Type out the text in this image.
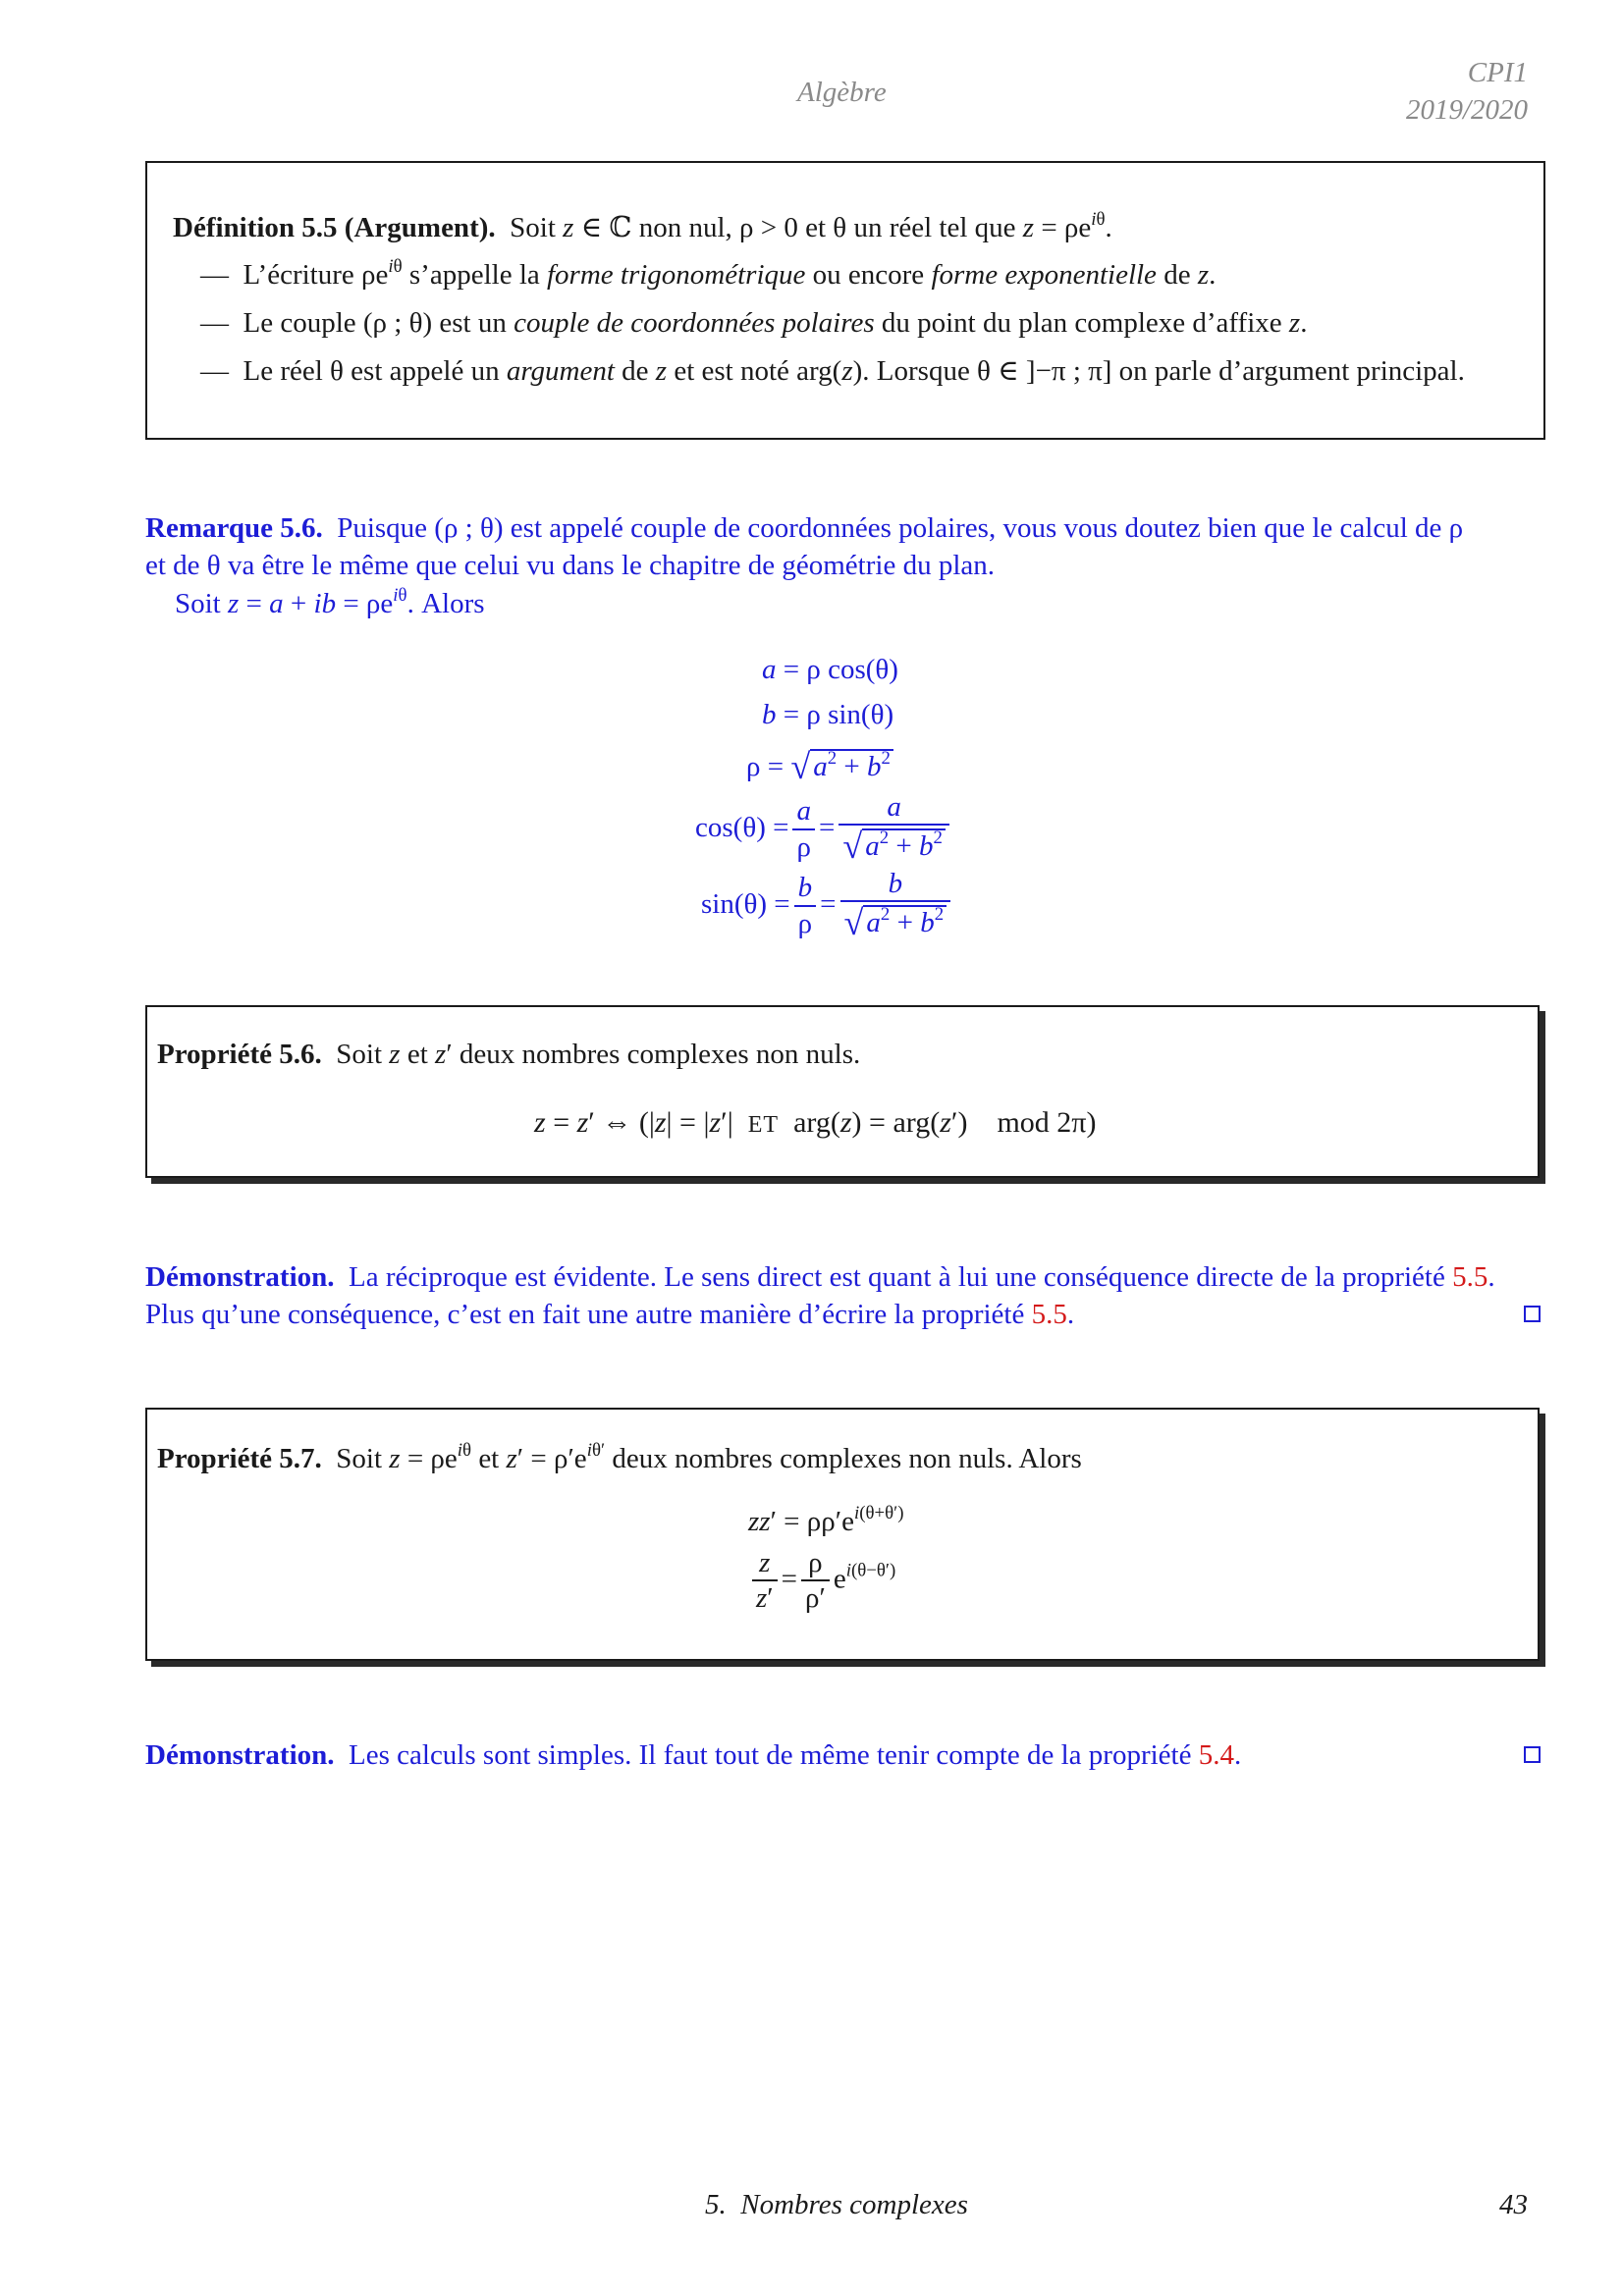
Algèbre
CPI1
2019/2020
Définition 5.5 (Argument).  Soit z ∈ ℂ non nul, ρ > 0 et θ un réel tel que $z = \rho e^{i\theta}$.
—  L’écriture $\rho e^{i\theta}$ s’appelle la forme trigonométrique ou encore forme exponentielle de z.
—  Le couple (ρ ; θ) est un couple de coordonnées polaires du point du plan complexe d’affixe z.
—  Le réel θ est appelé un argument de z et est noté arg(z). Lorsque θ ∈ ]−π ; π] on parle d’argument principal.
Remarque 5.6.  Puisque (ρ ; θ) est appelé couple de coordonnées polaires, vous vous doutez bien que le calcul de ρ
et de θ va être le même que celui vu dans le chapitre de géométrie du plan.
Soit z = a + ib = $\rho e^{i\theta}$. Alors
a = ρ cos(θ)
b = ρ sin(θ)
ρ = √ $a^2 + b^2$
$\cos(\theta) = \frac{a}{\rho} = \frac{a}{√ a^2 + b^2}$
$\sin(\theta) = \frac{b}{\rho} = \frac{b}{√ a^2 + b^2}$
Propriété 5.6.  Soit z et z′ deux nombres complexes non nuls.
z = z′ ⇔ (|z| = |z′|  ET  arg(z) = arg(z′)    mod 2π)
Démonstration. La réciproque est évidente. Le sens direct est quant à lui une conséquence directe de la propriété 5.5.
Plus qu’une conséquence, c’est en fait une autre manière d’écrire la propriété 5.5.
Propriété 5.7.  Soit $z = \rho e^{i\theta}$ et $z' = \rho'e^{i\theta'}$ deux nombres complexes non nuls. Alors
$zz' = \rho\rho'e^{i(\theta+\theta')}$
$\frac{z}{z'} = \frac{\rho}{\rho'} e^{i(\theta-\theta')}$
Démonstration. Les calculs sont simples. Il faut tout de même tenir compte de la propriété 5.4.
5.  Nombres complexes	43
